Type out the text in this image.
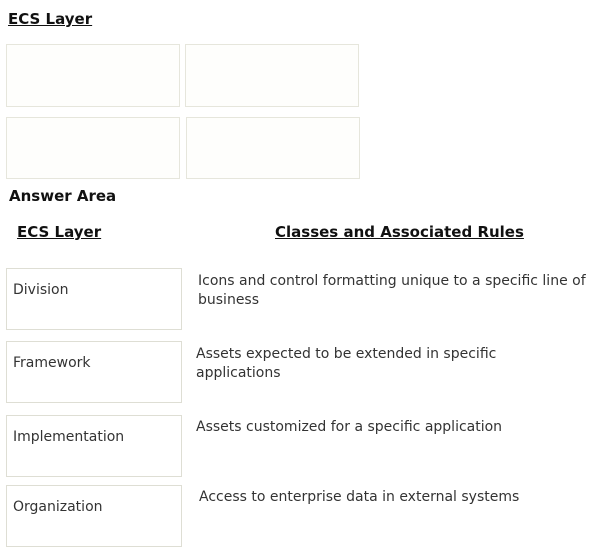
ECS Layer
Answer Area
ECS Layer	Classes and Associated Rules
Division
Framework
Implementation
Organization
Icons and control formatting unique to a specific line of business
Assets expected to be extended in specific applications
Assets customized for a specific application
Access to enterprise data in external systems
